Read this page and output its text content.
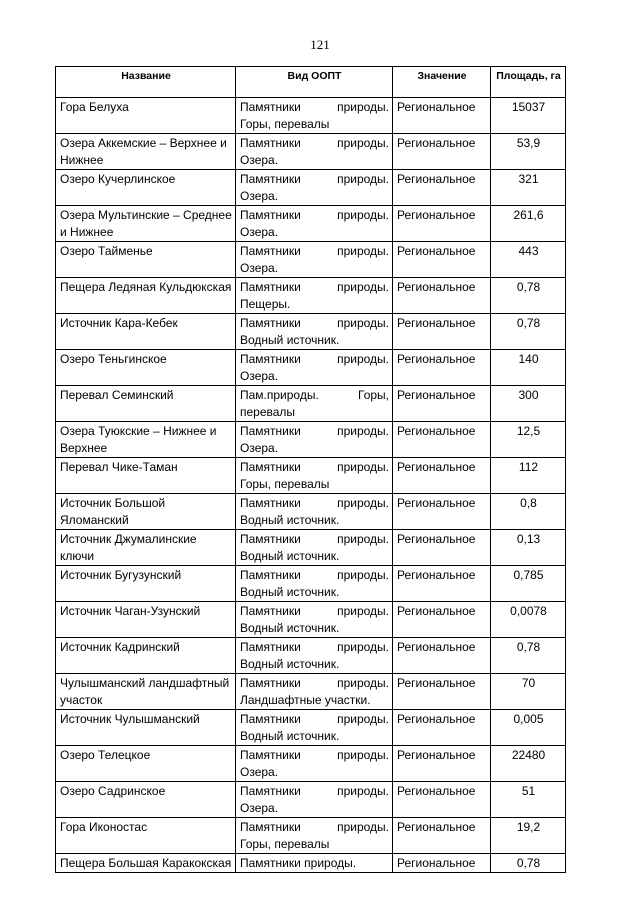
121
Название	Вид ООПТ	Значение	Площадь, га
Гора Белуха	Памятники природы. Горы, перевалы	Региональное	15037
Озера Аккемские – Верхнее и Нижнее	Памятники природы. Озера.	Региональное	53,9
Озеро Кучерлинское	Памятники природы. Озера.	Региональное	321
Озера Мультинские – Среднее и Нижнее	Памятники природы. Озера.	Региональное	261,6
Озеро Тайменье	Памятники природы. Озера.	Региональное	443
Пещера Ледяная Кульдюкская	Памятники природы. Пещеры.	Региональное	0,78
Источник Кара-Кебек	Памятники природы. Водный источник.	Региональное	0,78
Озеро Теньгинское	Памятники природы. Озера.	Региональное	140
Перевал Семинский	Пам.природы. Горы, перевалы	Региональное	300
Озера Туюкские – Нижнее и Верхнее	Памятники природы. Озера.	Региональное	12,5
Перевал Чике-Таман	Памятники природы. Горы, перевалы	Региональное	112
Источник Большой Яломанский	Памятники природы. Водный источник.	Региональное	0,8
Источник Джумалинские ключи	Памятники природы. Водный источник.	Региональное	0,13
Источник Бугузунский	Памятники природы. Водный источник.	Региональное	0,785
Источник Чаган-Узунский	Памятники природы. Водный источник.	Региональное	0,0078
Источник Кадринский	Памятники природы. Водный источник.	Региональное	0,78
Чулышманский ландшафтный участок	Памятники природы. Ландшафтные участки.	Региональное	70
Источник Чулышманский	Памятники природы. Водный источник.	Региональное	0,005
Озеро Телецкое	Памятники природы. Озера.	Региональное	22480
Озеро Садринское	Памятники природы. Озера.	Региональное	51
Гора Иконостас	Памятники природы. Горы, перевалы	Региональное	19,2
Пещера Большая Каракокская	Памятники природы.	Региональное	0,78
